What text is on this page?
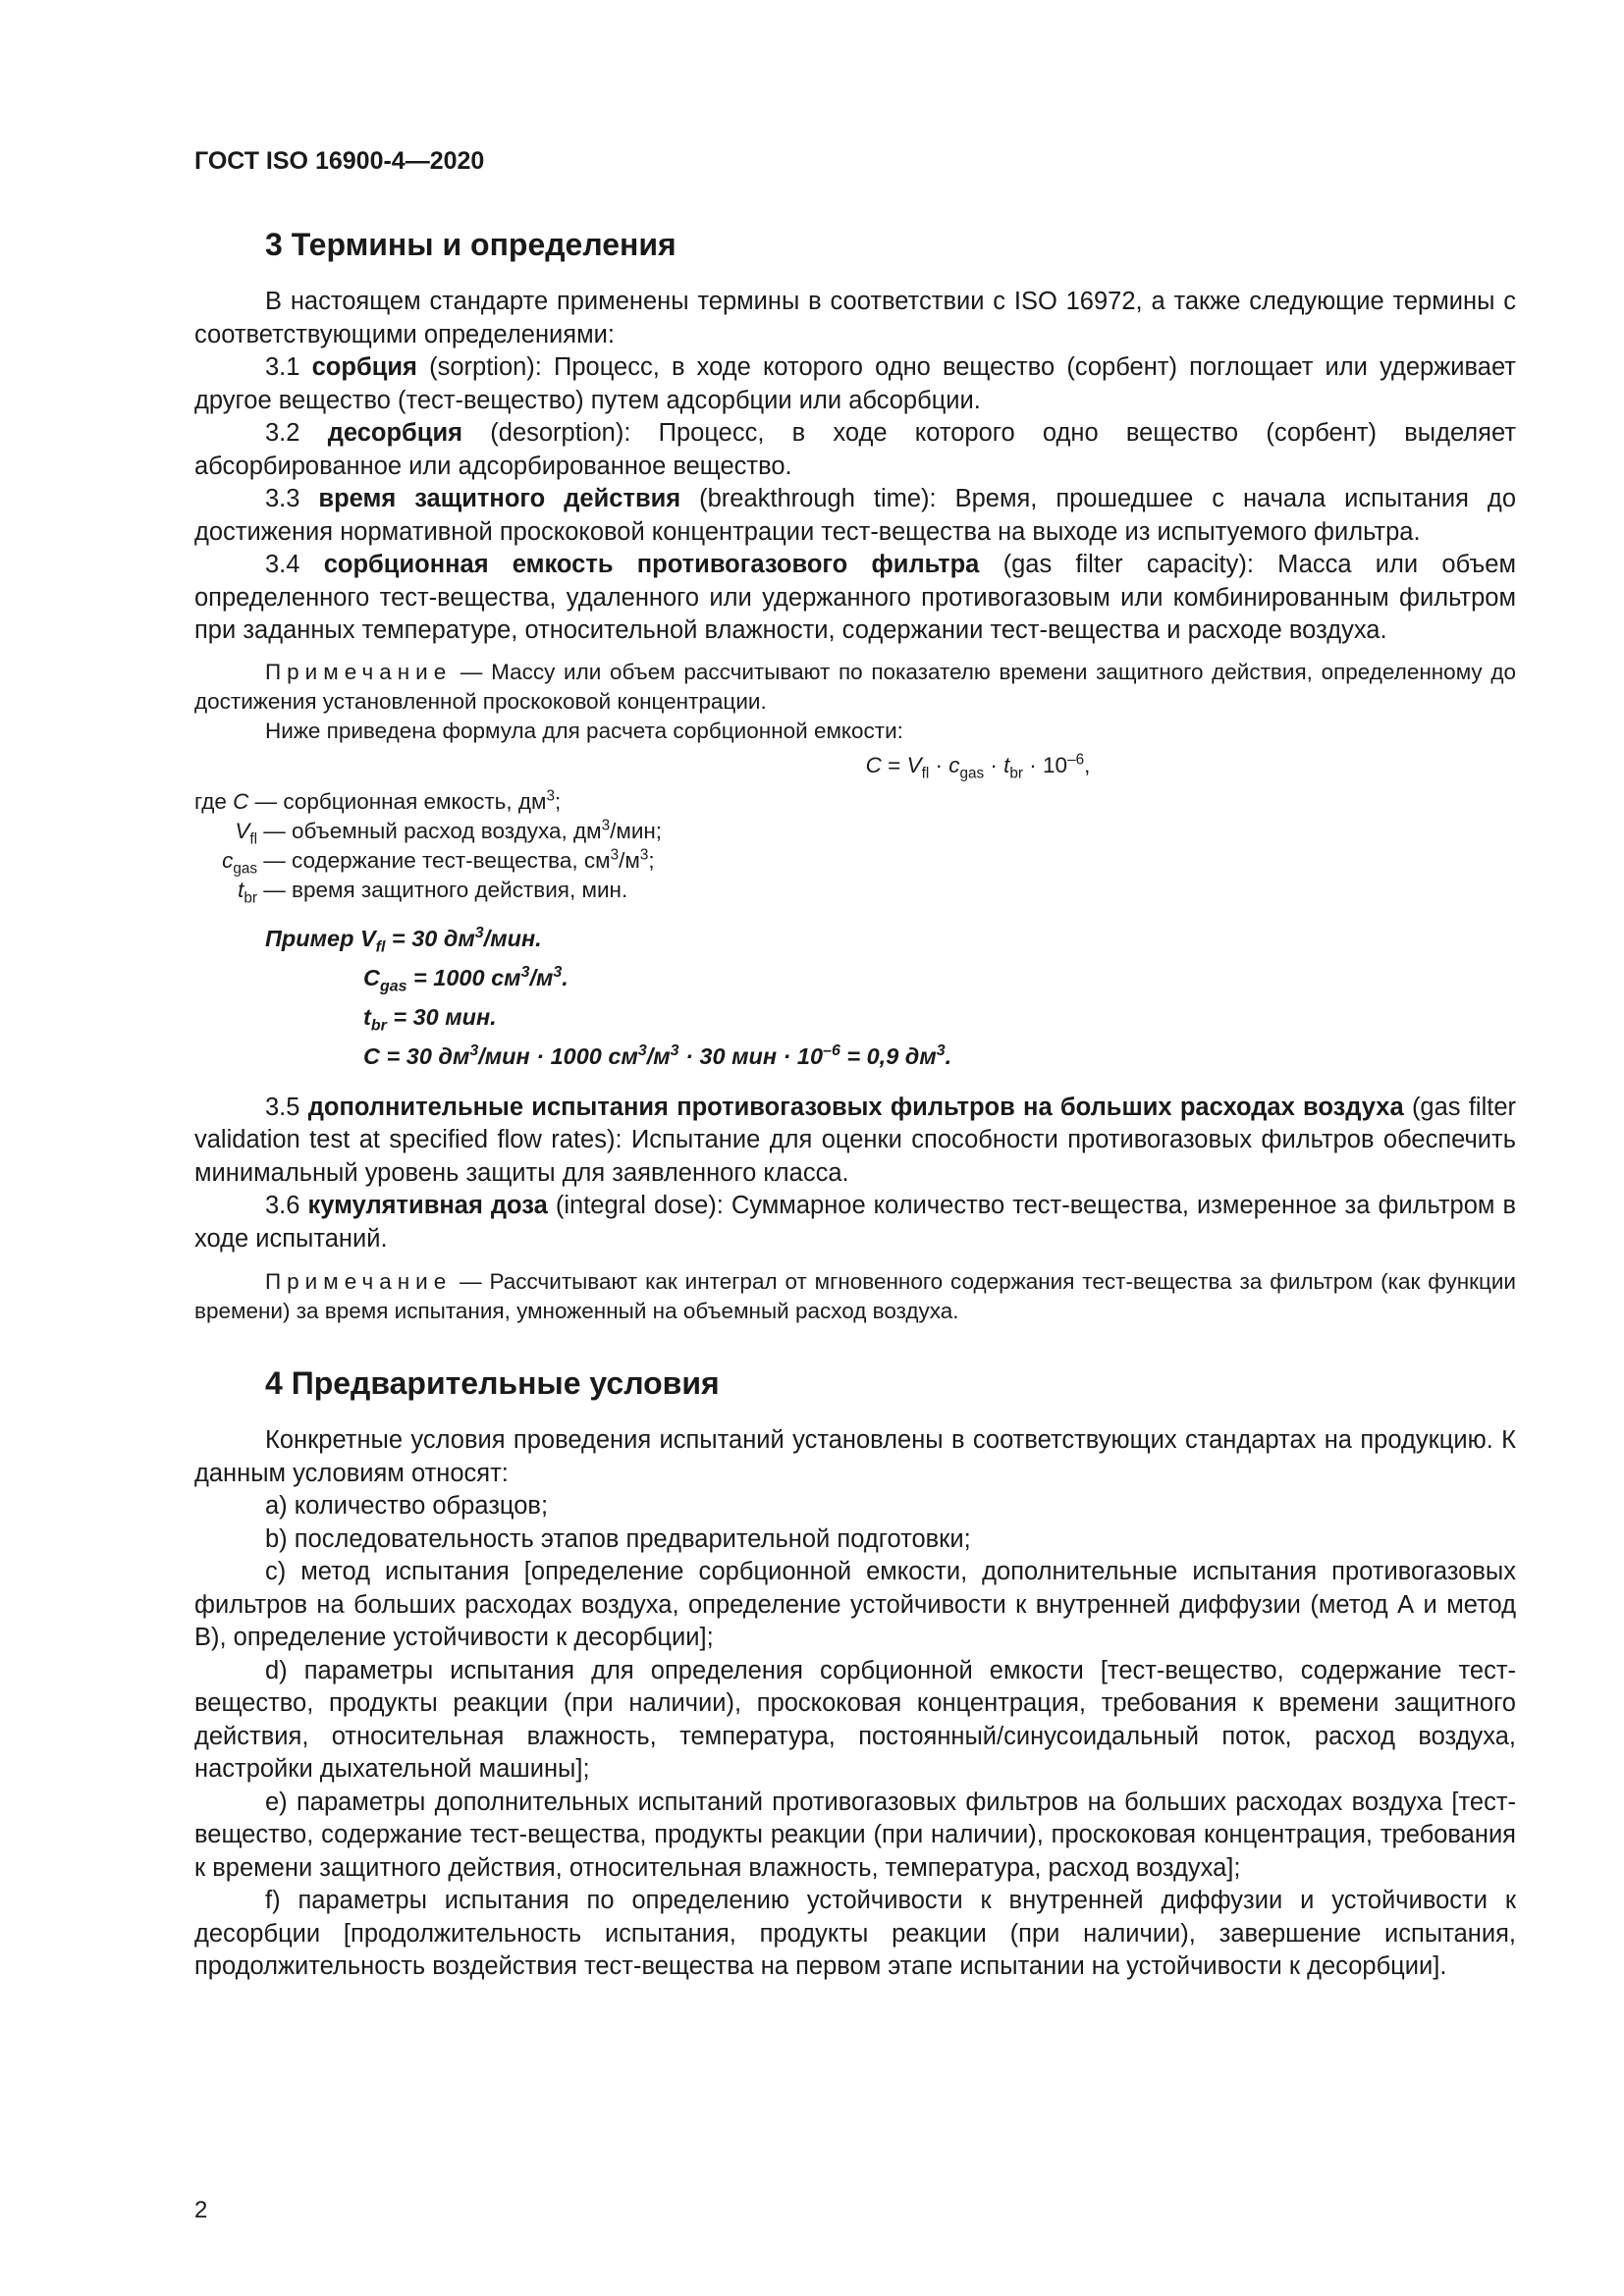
ГОСТ ISO 16900-4—2020
3 Термины и определения

В настоящем стандарте применены термины в соответствии с ISO 16972, а также следующие термины с соответствующими определениями:

3.1 сорбция (sorption): Процесс, в ходе которого одно вещество (сорбент) поглощает или удерживает другое вещество (тест-вещество) путем адсорбции или абсорбции.

3.2 десорбция (desorption): Процесс, в ходе которого одно вещество (сорбент) выделяет абсорбированное или адсорбированное вещество.

3.3 время защитного действия (breakthrough time): Время, прошедшее с начала испытания до достижения нормативной проскоковой концентрации тест-вещества на выходе из испытуемого фильтра.

3.4 сорбционная емкость противогазового фильтра (gas filter capacity): Масса или объем определенного тест-вещества, удаленного или удержанного противогазовым или комбинированным фильтром при заданных температуре, относительной влажности, содержании тест-вещества и расходе воздуха.

Примечание — Массу или объем рассчитывают по показателю времени защитного действия, определенному до достижения установленной проскоковой концентрации.

Ниже приведена формула для расчета сорбционной емкости:

$C = V_{fl} \cdot c_{gas} \cdot t_{br} \cdot 10^{-6}$,
где C — сорбционная емкость, $дм^3$;
$V_{fl}$ — объемный расход воздуха, $дм^3$/мин;
$c_{gas}$ — содержание тест-вещества, $см^3/м^3$;
$t_{br}$ — время защитного действия, мин.
Пример $V_{fl} = 30$ $дм^3$/мин.
$C_{gas} = 1000$ $см^3/м^3$.
$t_{br} = 30$ мин.
C = 30 $дм^3$/мин · 1000 $см^3/м^3 \cdot 30$ мин · $10^{-6} = 0,9$ $дм^3$.

3.5 дополнительные испытания противогазовых фильтров на больших расходах воздуха (gas filter validation test at specified flow rates): Испытание для оценки способности противогазовых фильтров обеспечить минимальный уровень защиты для заявленного класса.

3.6 кумулятивная доза (integral dose): Суммарное количество тест-вещества, измеренное за фильтром в ходе испытаний.

Примечание — Рассчитывают как интеграл от мгновенного содержания тест-вещества за фильтром (как функции времени) за время испытания, умноженный на объемный расход воздуха.

4 Предварительные условия

Конкретные условия проведения испытаний установлены в соответствующих стандартах на продукцию. К данным условиям относят:

а) количество образцов;

b) последовательность этапов предварительной подготовки;

c) метод испытания [определение сорбционной емкости, дополнительные испытания противогазовых фильтров на больших расходах воздуха, определение устойчивости к внутренней диффузии (метод А и метод В), определение устойчивости к десорбции];

d) параметры испытания для определения сорбционной емкости [тест-вещество, содержание тест-вещество, продукты реакции (при наличии), проскоковая концентрация, требования к времени защитного действия, относительная влажность, температура, постоянный/синусоидальный поток, расход воздуха, настройки дыхательной машины];

e) параметры дополнительных испытаний противогазовых фильтров на больших расходах воздуха [тест-вещество, содержание тест-вещества, продукты реакции (при наличии), проскоковая концентрация, требования к времени защитного действия, относительная влажность, температура, расход воздуха];

f) параметры испытания по определению устойчивости к внутренней диффузии и устойчивости к десорбции [продолжительность испытания, продукты реакции (при наличии), завершение испытания, продолжительность воздействия тест-вещества на первом этапе испытании на устойчивости к десорбции].

2
